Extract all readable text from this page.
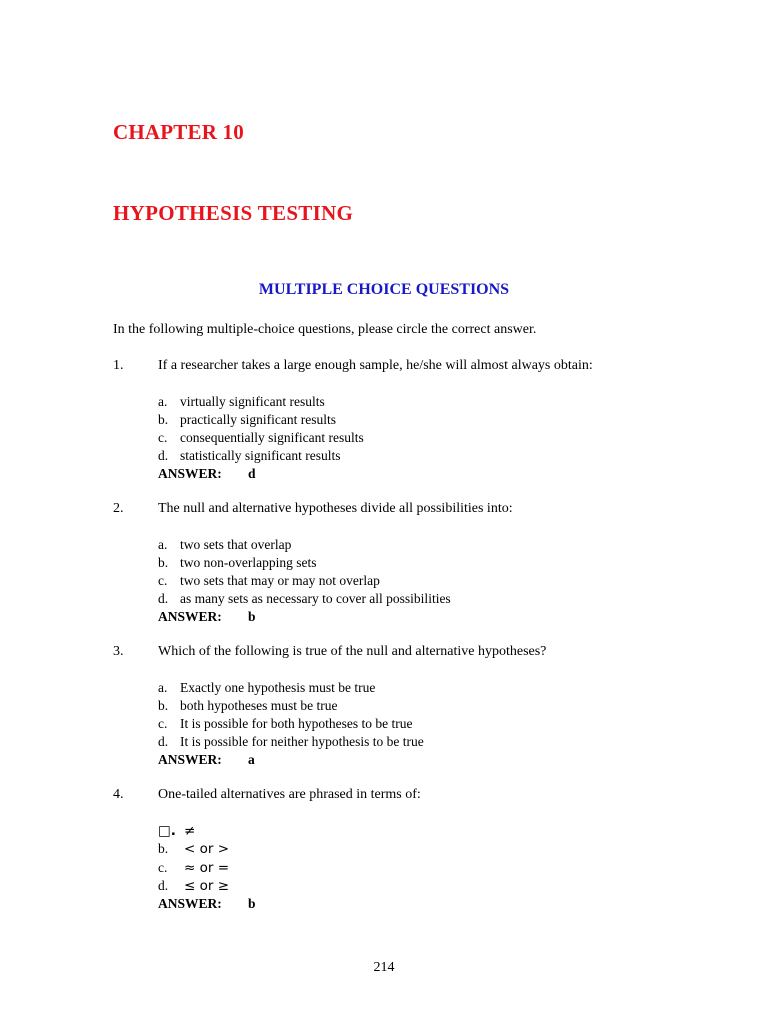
CHAPTER 10
HYPOTHESIS TESTING
MULTIPLE CHOICE QUESTIONS
In the following multiple-choice questions, please circle the correct answer.
1. If a researcher takes a large enough sample, he/she will almost always obtain:
a. virtually significant results
b. practically significant results
c. consequentially significant results
d. statistically significant results
ANSWER: d
2. The null and alternative hypotheses divide all possibilities into:
a. two sets that overlap
b. two non-overlapping sets
c. two sets that may or may not overlap
d. as many sets as necessary to cover all possibilities
ANSWER: b
3. Which of the following is true of the null and alternative hypotheses?
a. Exactly one hypothesis must be true
b. both hypotheses must be true
c. It is possible for both hypotheses to be true
d. It is possible for neither hypothesis to be true
ANSWER: a
4. One-tailed alternatives are phrased in terms of:
□. ≠
b. < or >
c. ≈ or =
d. ≤ or ≥
ANSWER: b
214
